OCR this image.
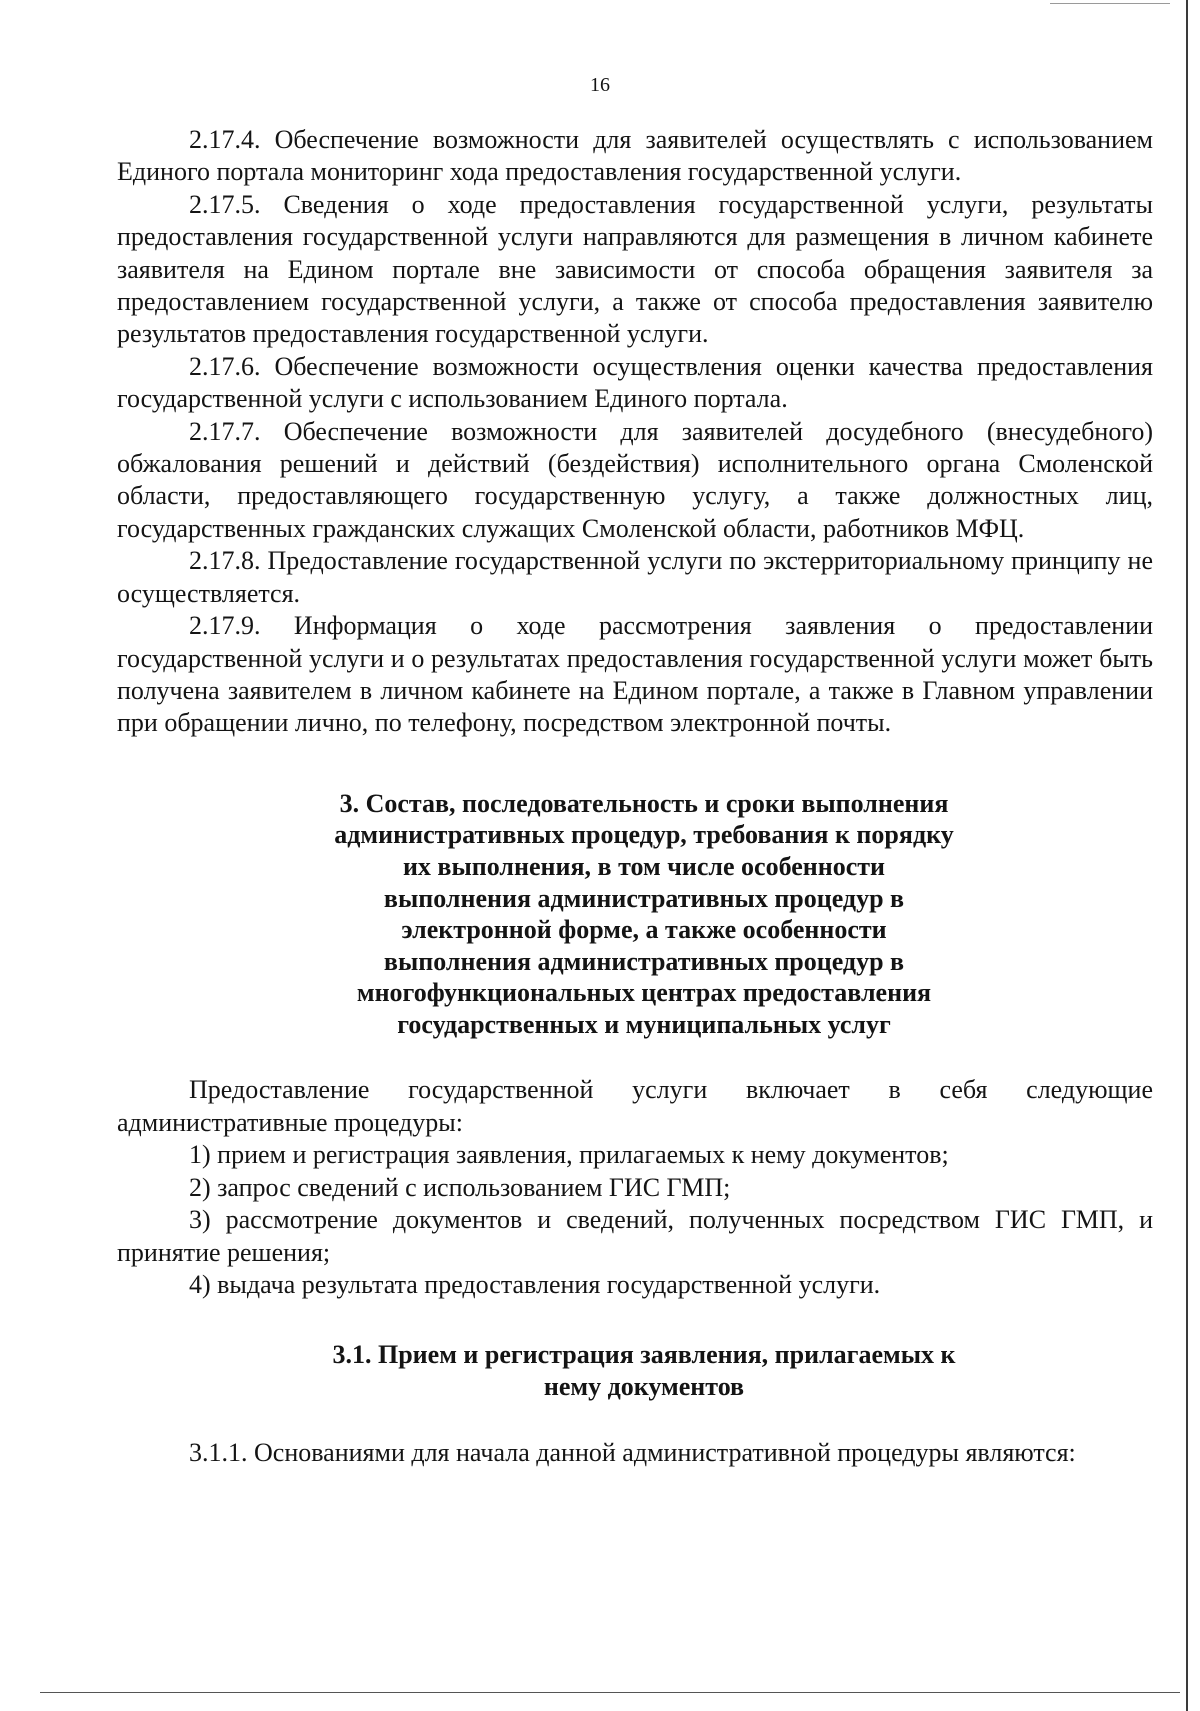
16

2.17.4. Обеспечение возможности для заявителей осуществлять с использованием Единого портала мониторинг хода предоставления государственной услуги.

2.17.5. Сведения о ходе предоставления государственной услуги, результаты предоставления государственной услуги направляются для размещения в личном кабинете заявителя на Едином портале вне зависимости от способа обращения заявителя за предоставлением государственной услуги, а также от способа предоставления заявителю результатов предоставления государственной услуги.

2.17.6. Обеспечение возможности осуществления оценки качества предоставления государственной услуги с использованием Единого портала.

2.17.7. Обеспечение возможности для заявителей досудебного (внесудебного) обжалования решений и действий (бездействия) исполнительного органа Смоленской области, предоставляющего государственную услугу, а также должностных лиц, государственных гражданских служащих Смоленской области, работников МФЦ.

2.17.8. Предоставление государственной услуги по экстерриториальному принципу не осуществляется.

2.17.9. Информация о ходе рассмотрения заявления о предоставлении государственной услуги и о результатах предоставления государственной услуги может быть получена заявителем в личном кабинете на Едином портале, а также в Главном управлении при обращении лично, по телефону, посредством электронной почты.

3. Состав, последовательность и сроки выполнения
административных процедур, требования к порядку
их выполнения, в том числе особенности
выполнения административных процедур в
электронной форме, а также особенности
выполнения административных процедур в
многофункциональных центрах предоставления
государственных и муниципальных услуг

Предоставление государственной услуги включает в себя следующие административные процедуры:

1) прием и регистрация заявления, прилагаемых к нему документов;

2) запрос сведений с использованием ГИС ГМП;

3) рассмотрение документов и сведений, полученных посредством ГИС ГМП, и принятие решения;

4) выдача результата предоставления государственной услуги.

3.1. Прием и регистрация заявления, прилагаемых к
нему документов

3.1.1. Основаниями для начала данной административной процедуры являются:
